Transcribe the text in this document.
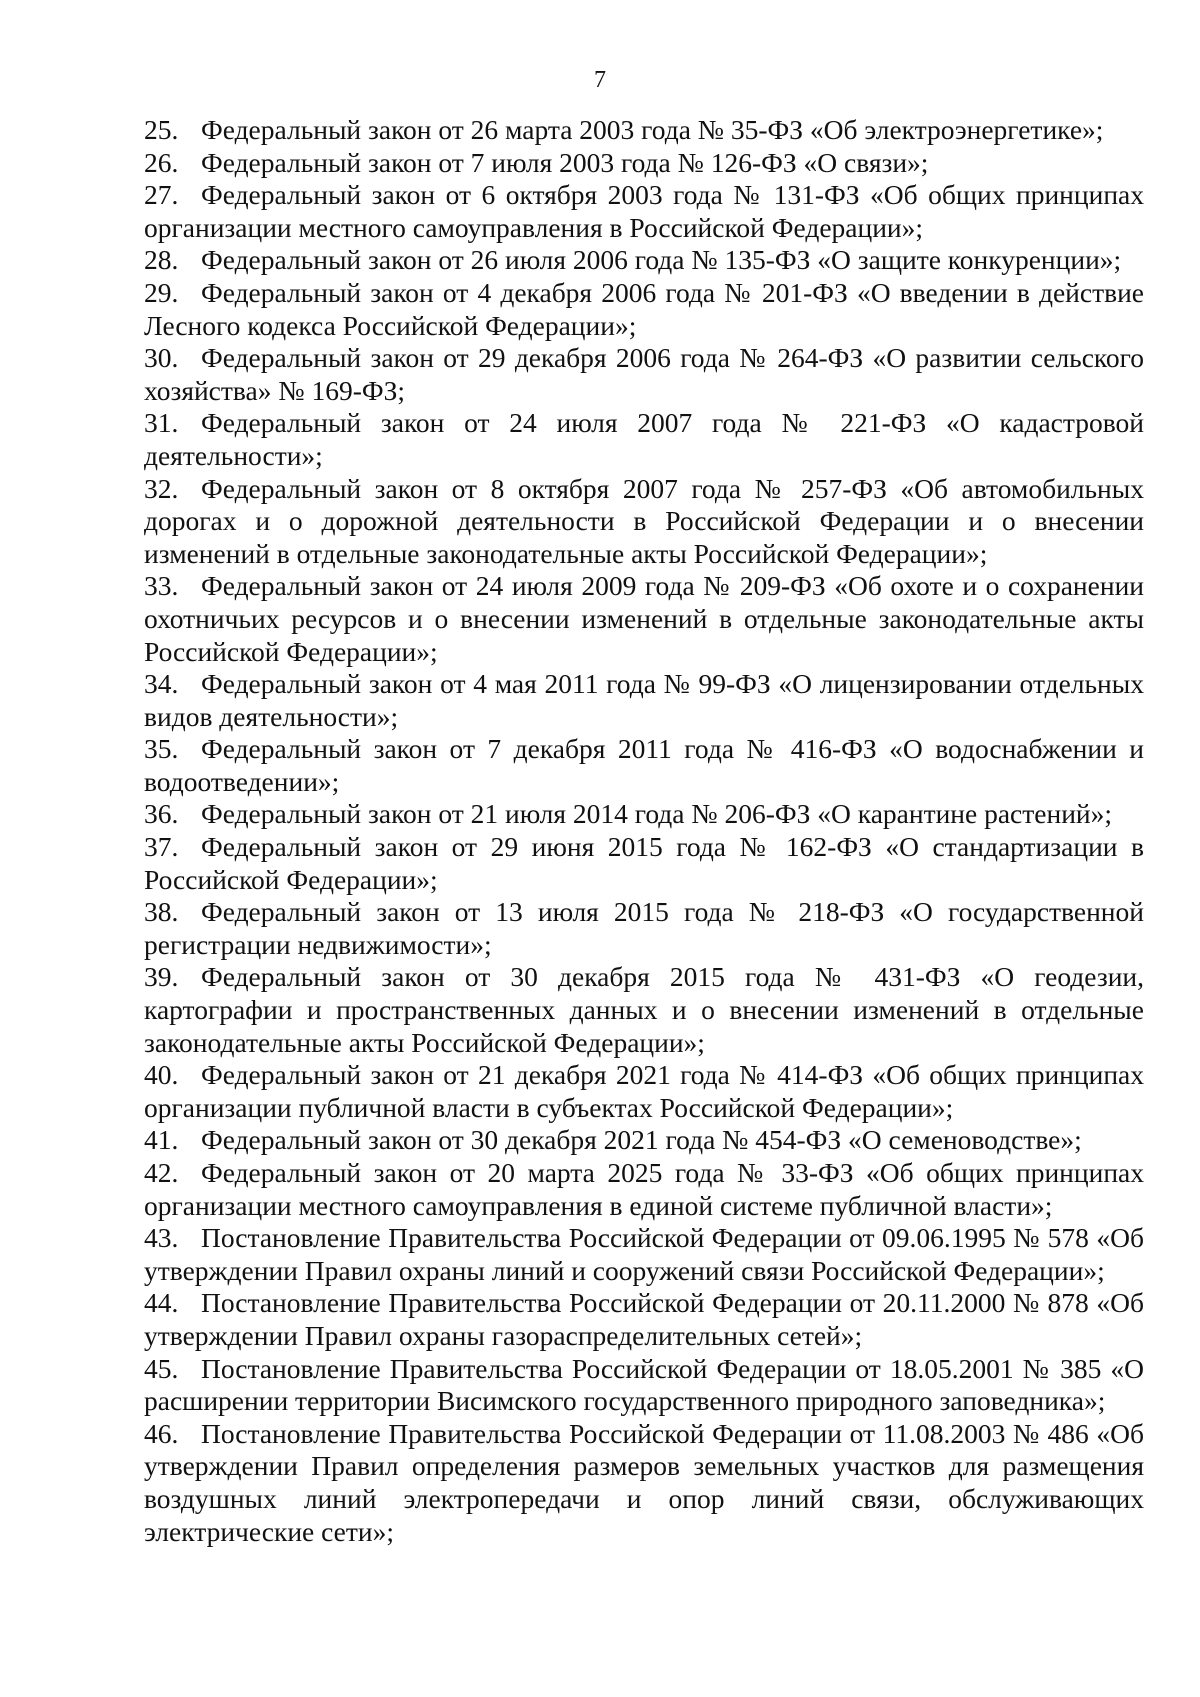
7
25. Федеральный закон от 26 марта 2003 года № 35-ФЗ «Об электроэнергетике»;
26. Федеральный закон от 7 июля 2003 года № 126-ФЗ «О связи»;
27. Федеральный закон от 6 октября 2003 года № 131-ФЗ «Об общих принципах организации местного самоуправления в Российской Федерации»;
28. Федеральный закон от 26 июля 2006 года № 135-ФЗ «О защите конкуренции»;
29. Федеральный закон от 4 декабря 2006 года № 201-ФЗ «О введении в действие Лесного кодекса Российской Федерации»;
30. Федеральный закон от 29 декабря 2006 года № 264-ФЗ «О развитии сельского хозяйства» № 169-ФЗ;
31. Федеральный закон от 24 июля 2007 года № 221-ФЗ «О кадастровой деятельности»;
32. Федеральный закон от 8 октября 2007 года № 257-ФЗ «Об автомобильных дорогах и о дорожной деятельности в Российской Федерации и о внесении изменений в отдельные законодательные акты Российской Федерации»;
33. Федеральный закон от 24 июля 2009 года № 209-ФЗ «Об охоте и о сохранении охотничьих ресурсов и о внесении изменений в отдельные законодательные акты Российской Федерации»;
34. Федеральный закон от 4 мая 2011 года № 99-ФЗ «О лицензировании отдельных видов деятельности»;
35. Федеральный закон от 7 декабря 2011 года № 416-ФЗ «О водоснабжении и водоотведении»;
36. Федеральный закон от 21 июля 2014 года № 206-ФЗ «О карантине растений»;
37. Федеральный закон от 29 июня 2015 года № 162-ФЗ «О стандартизации в Российской Федерации»;
38. Федеральный закон от 13 июля 2015 года № 218-ФЗ «О государственной регистрации недвижимости»;
39. Федеральный закон от 30 декабря 2015 года № 431-ФЗ «О геодезии, картографии и пространственных данных и о внесении изменений в отдельные законодательные акты Российской Федерации»;
40. Федеральный закон от 21 декабря 2021 года № 414-ФЗ «Об общих принципах организации публичной власти в субъектах Российской Федерации»;
41. Федеральный закон от 30 декабря 2021 года № 454-ФЗ «О семеноводстве»;
42. Федеральный закон от 20 марта 2025 года № 33-ФЗ «Об общих принципах организации местного самоуправления в единой системе публичной власти»;
43. Постановление Правительства Российской Федерации от 09.06.1995 № 578 «Об утверждении Правил охраны линий и сооружений связи Российской Федерации»;
44. Постановление Правительства Российской Федерации от 20.11.2000 № 878 «Об утверждении Правил охраны газораспределительных сетей»;
45. Постановление Правительства Российской Федерации от 18.05.2001 № 385 «О расширении территории Висимского государственного природного заповедника»;
46. Постановление Правительства Российской Федерации от 11.08.2003 № 486 «Об утверждении Правил определения размеров земельных участков для размещения воздушных линий электропередачи и опор линий связи, обслуживающих электрические сети»;
